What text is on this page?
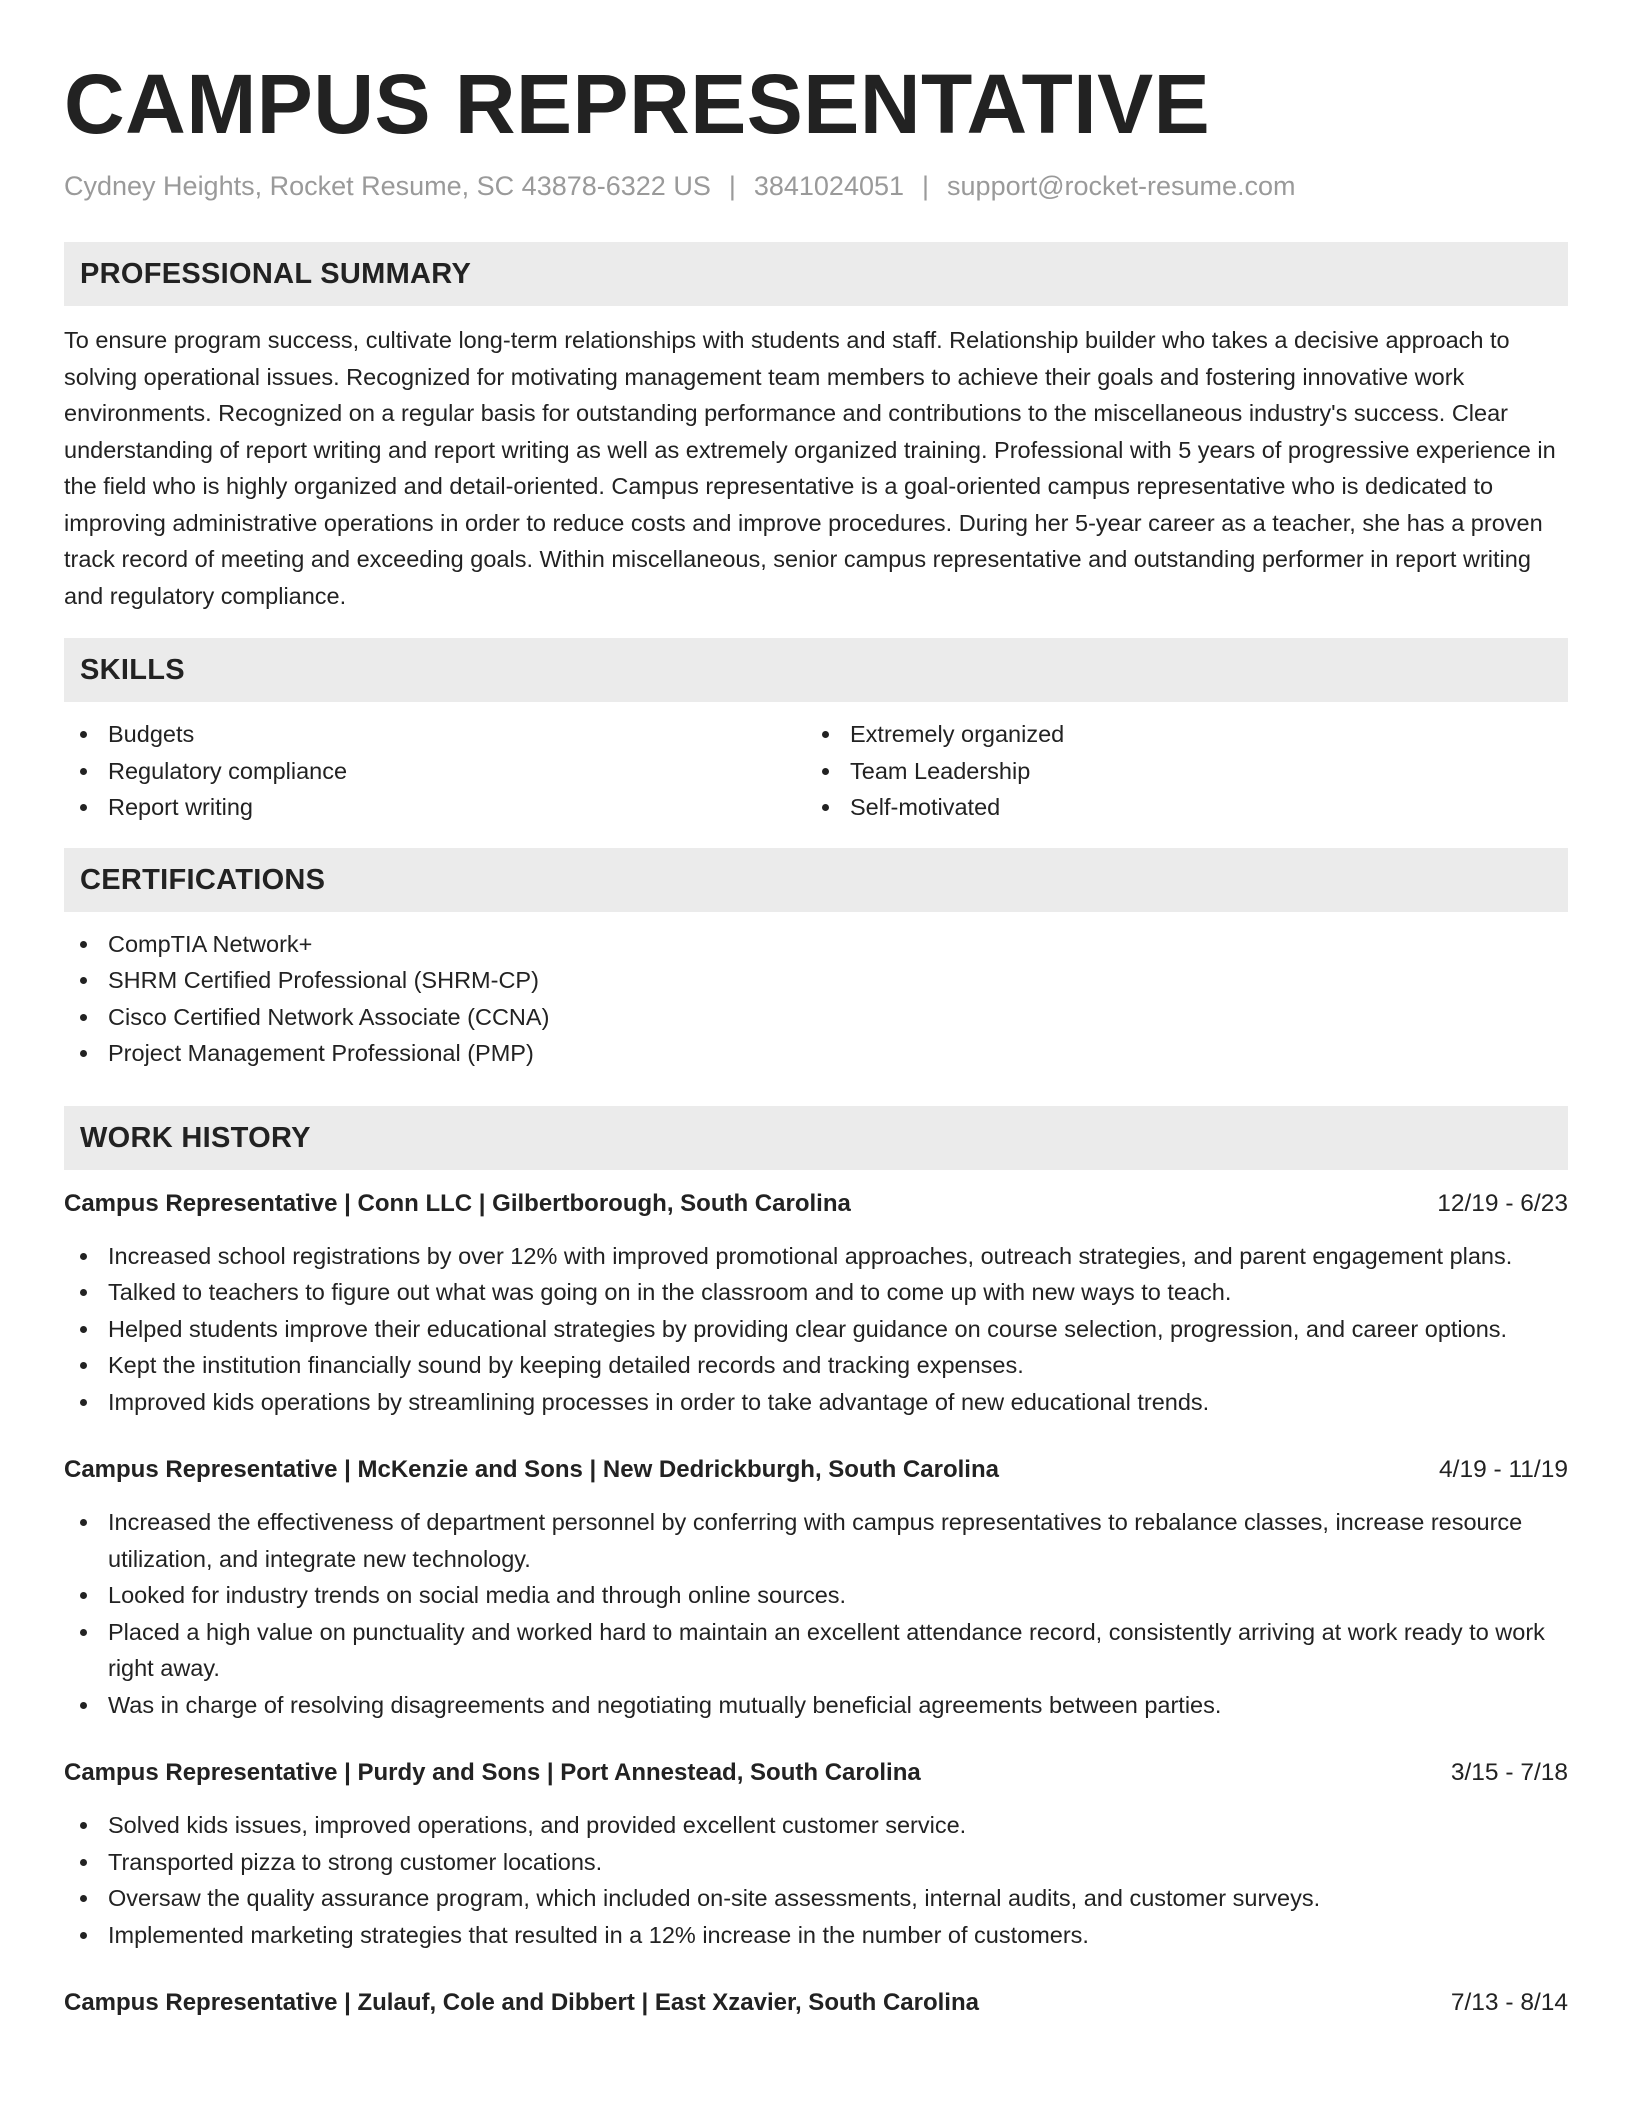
CAMPUS REPRESENTATIVE
Cydney Heights, Rocket Resume, SC 43878-6322 US | 3841024051 | support@rocket-resume.com
PROFESSIONAL SUMMARY

To ensure program success, cultivate long-term relationships with students and staff. Relationship builder who takes a decisive approach to solving operational issues. Recognized for motivating management team members to achieve their goals and fostering innovative work environments. Recognized on a regular basis for outstanding performance and contributions to the miscellaneous industry's success. Clear understanding of report writing and report writing as well as extremely organized training. Professional with 5 years of progressive experience in the field who is highly organized and detail-oriented. Campus representative is a goal-oriented campus representative who is dedicated to improving administrative operations in order to reduce costs and improve procedures. During her 5-year career as a teacher, she has a proven track record of meeting and exceeding goals. Within miscellaneous, senior campus representative and outstanding performer in report writing and regulatory compliance.

SKILLS
Budgets
Regulatory compliance
Report writing
Extremely organized
Team Leadership
Self-motivated
CERTIFICATIONS
CompTIA Network+
SHRM Certified Professional (SHRM-CP)
Cisco Certified Network Associate (CCNA)
Project Management Professional (PMP)
WORK HISTORY
Campus Representative | Conn LLC | Gilbertborough, South Carolina	12/19 - 6/23
Increased school registrations by over 12% with improved promotional approaches, outreach strategies, and parent engagement plans.
Talked to teachers to figure out what was going on in the classroom and to come up with new ways to teach.
Helped students improve their educational strategies by providing clear guidance on course selection, progression, and career options.
Kept the institution financially sound by keeping detailed records and tracking expenses.
Improved kids operations by streamlining processes in order to take advantage of new educational trends.
Campus Representative | McKenzie and Sons | New Dedrickburgh, South Carolina	4/19 - 11/19
Increased the effectiveness of department personnel by conferring with campus representatives to rebalance classes, increase resource utilization, and integrate new technology.
Looked for industry trends on social media and through online sources.
Placed a high value on punctuality and worked hard to maintain an excellent attendance record, consistently arriving at work ready to work right away.
Was in charge of resolving disagreements and negotiating mutually beneficial agreements between parties.
Campus Representative | Purdy and Sons | Port Annestead, South Carolina	3/15 - 7/18
Solved kids issues, improved operations, and provided excellent customer service.
Transported pizza to strong customer locations.
Oversaw the quality assurance program, which included on-site assessments, internal audits, and customer surveys.
Implemented marketing strategies that resulted in a 12% increase in the number of customers.
Campus Representative | Zulauf, Cole and Dibbert | East Xzavier, South Carolina	7/13 - 8/14
